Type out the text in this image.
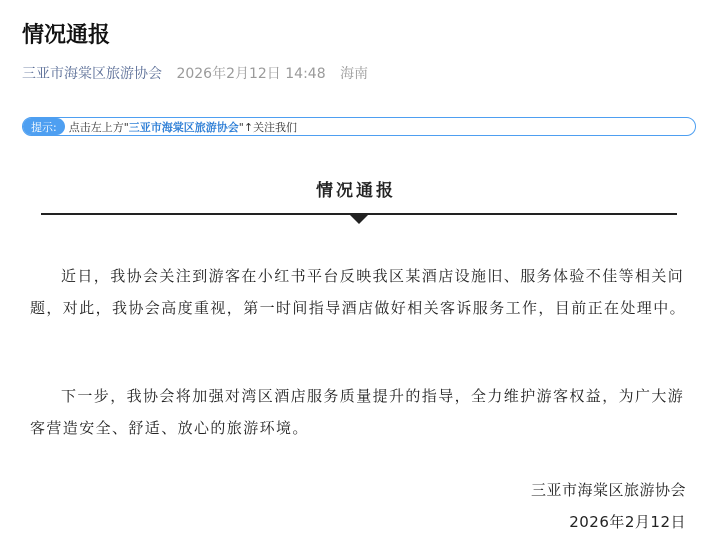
情况通报
三亚市海棠区旅游协会 2026年2月12日 14:48 海南
提示:	点击左上方"三亚市海棠区旅游协会"↑关注我们
情况通报

近日，我协会关注到游客在小红书平台反映我区某酒店设施旧、服务体验不佳等相关问题，对此，我协会高度重视，第一时间指导酒店做好相关客诉服务工作，目前正在处理中。

下一步，我协会将加强对湾区酒店服务质量提升的指导，全力维护游客权益，为广大游客营造安全、舒适、放心的旅游环境。

三亚市海棠区旅游协会
2026年2月12日
